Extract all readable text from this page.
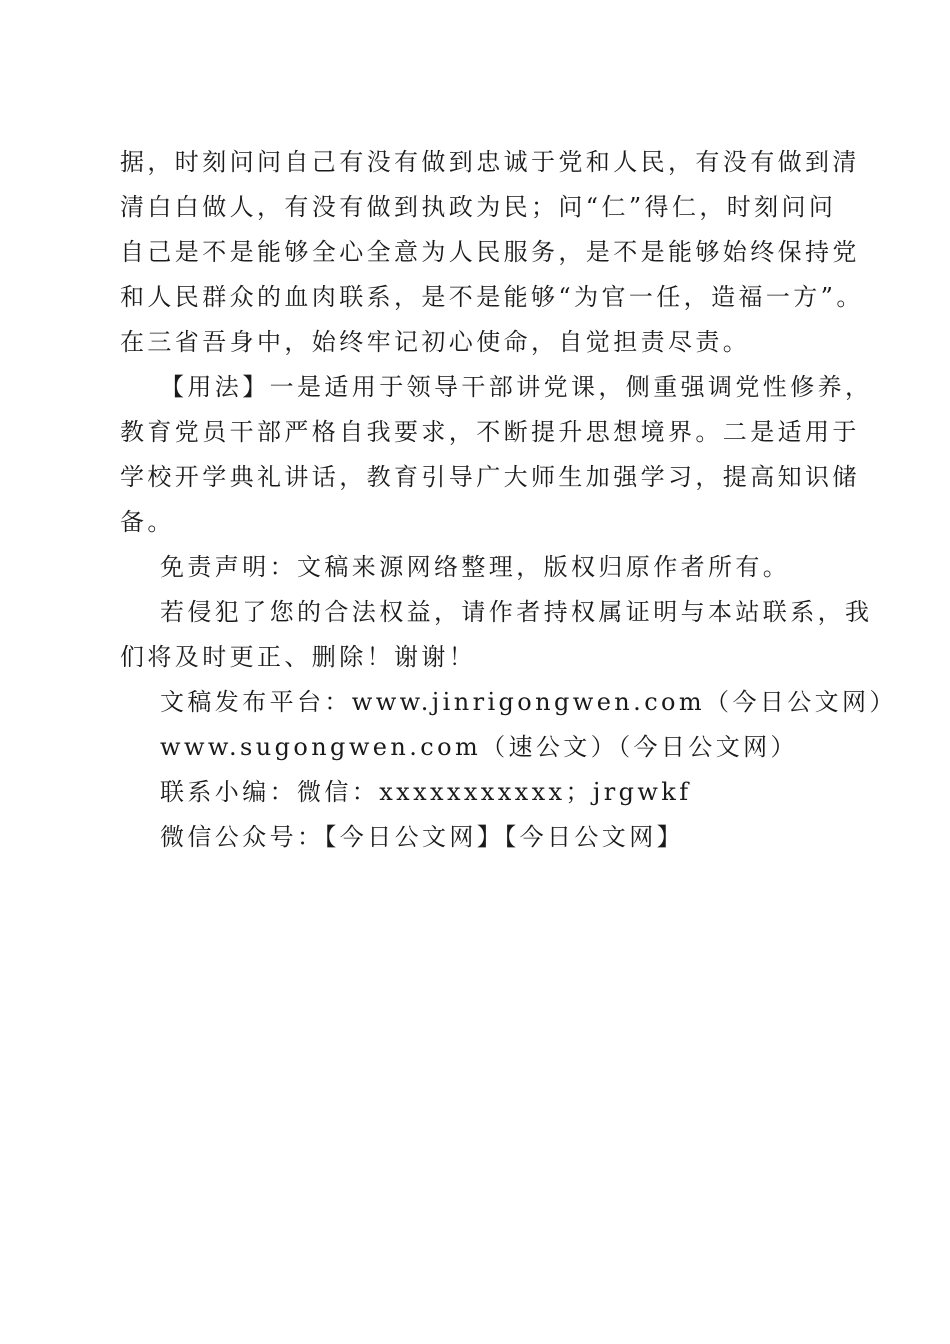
据，时刻问问自己有没有做到忠诚于党和人民，有没有做到清
清白白做人，有没有做到执政为民；问“仁”得仁，时刻问问
自己是不是能够全心全意为人民服务，是不是能够始终保持党
和人民群众的血肉联系，是不是能够“为官一任，造福一方”。
在三省吾身中，始终牢记初心使命，自觉担责尽责。
【用法】一是适用于领导干部讲党课，侧重强调党性修养，
教育党员干部严格自我要求，不断提升思想境界。二是适用于
学校开学典礼讲话，教育引导广大师生加强学习，提高知识储
备。
免责声明：文稿来源网络整理，版权归原作者所有。
若侵犯了您的合法权益，请作者持权属证明与本站联系，我
们将及时更正、删除！谢谢！
文稿发布平台：www.jinrigongwen.com（今日公文网）
www.sugongwen.com（速公文）（今日公文网）
联系小编：微信：xxxxxxxxxxx；jrgwkf
微信公众号：【今日公文网】【今日公文网】
